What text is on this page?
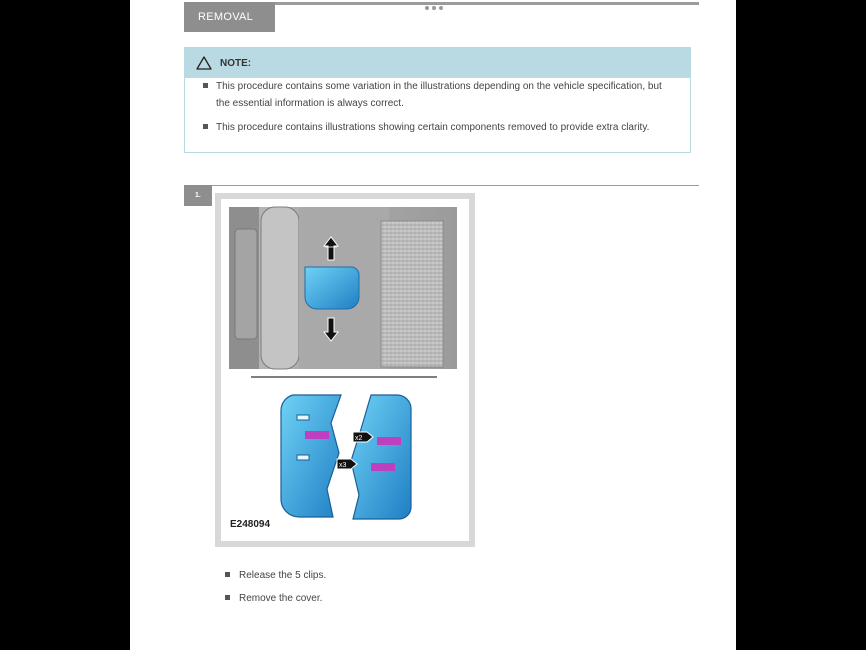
REMOVAL
NOTE:
This procedure contains some variation in the illustrations depending on the vehicle specification, but the essential information is always correct.
This procedure contains illustrations showing certain components removed to provide extra clarity.
1.
x2
x3
E248094
Release the 5 clips.
Remove the cover.
